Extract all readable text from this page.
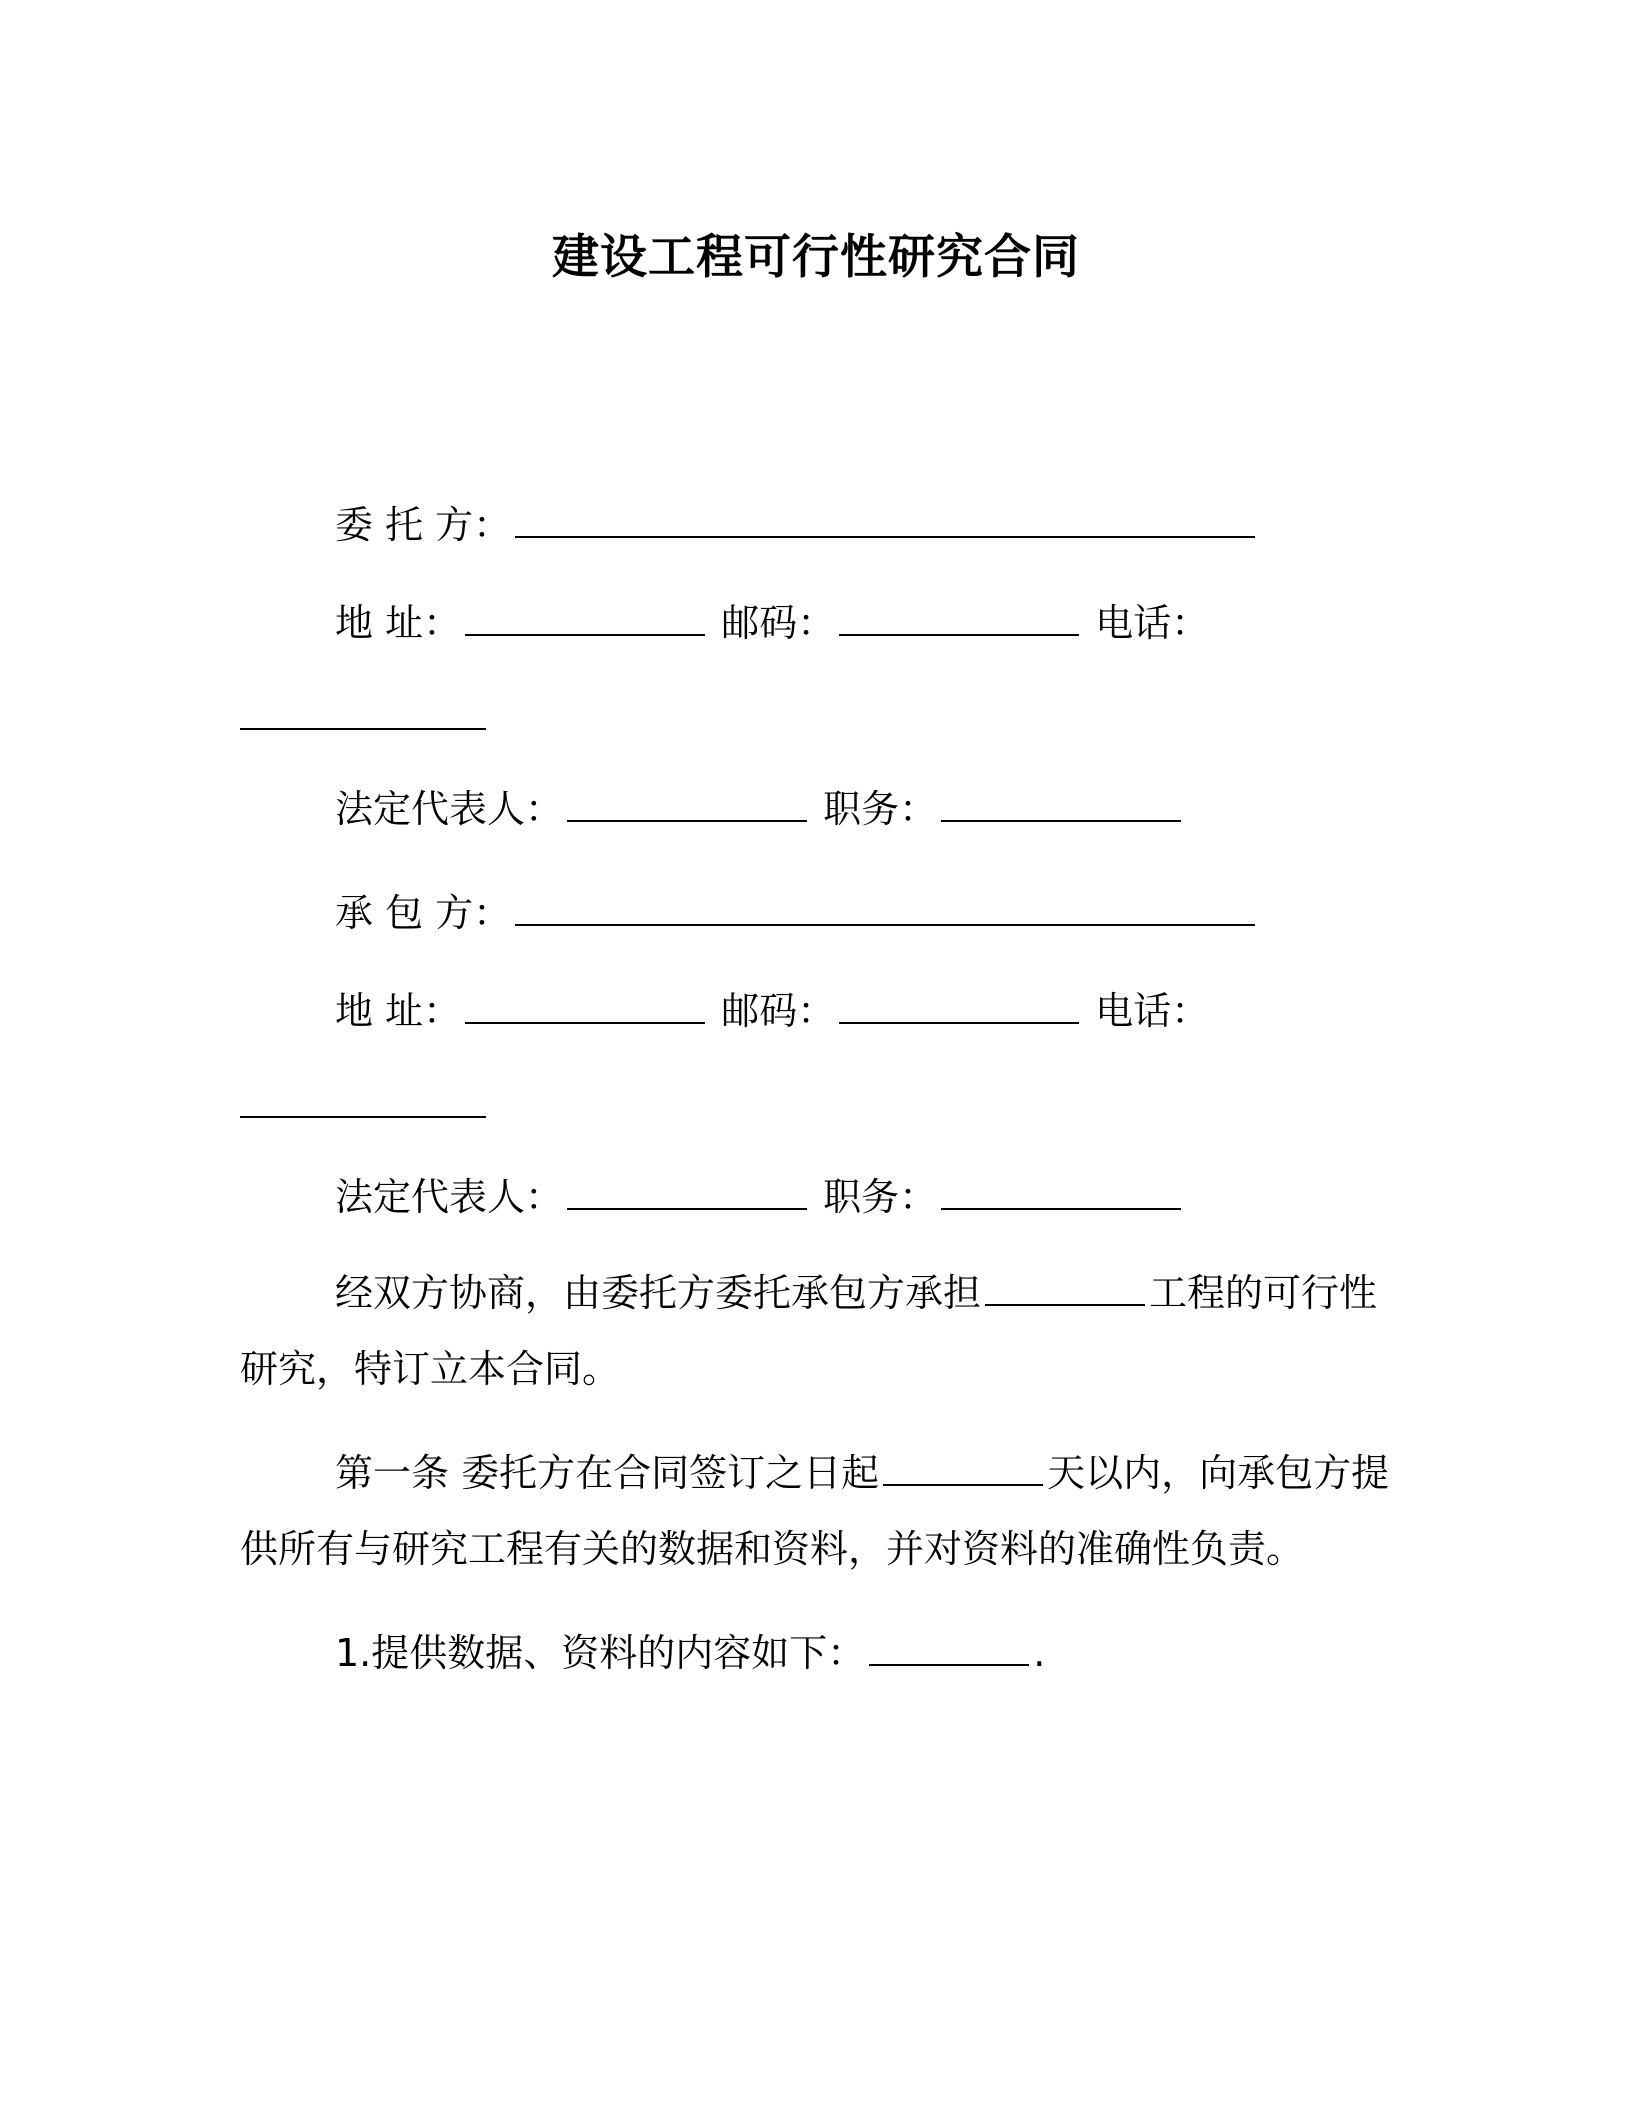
建设工程可行性研究合同
委 托 方：
地 址：	邮码：	电话：
法定代表人：	职务：
承 包 方：
地 址：	邮码：	电话：
法定代表人：	职务：
经双方协商，由委托方委托承包方承担	工程的可行性
研究，特订立本合同。
第一条 委托方在合同签订之日起	天以内，向承包方提
供所有与研究工程有关的数据和资料，并对资料的准确性负责。
1.提供数据、资料的内容如下：	.
